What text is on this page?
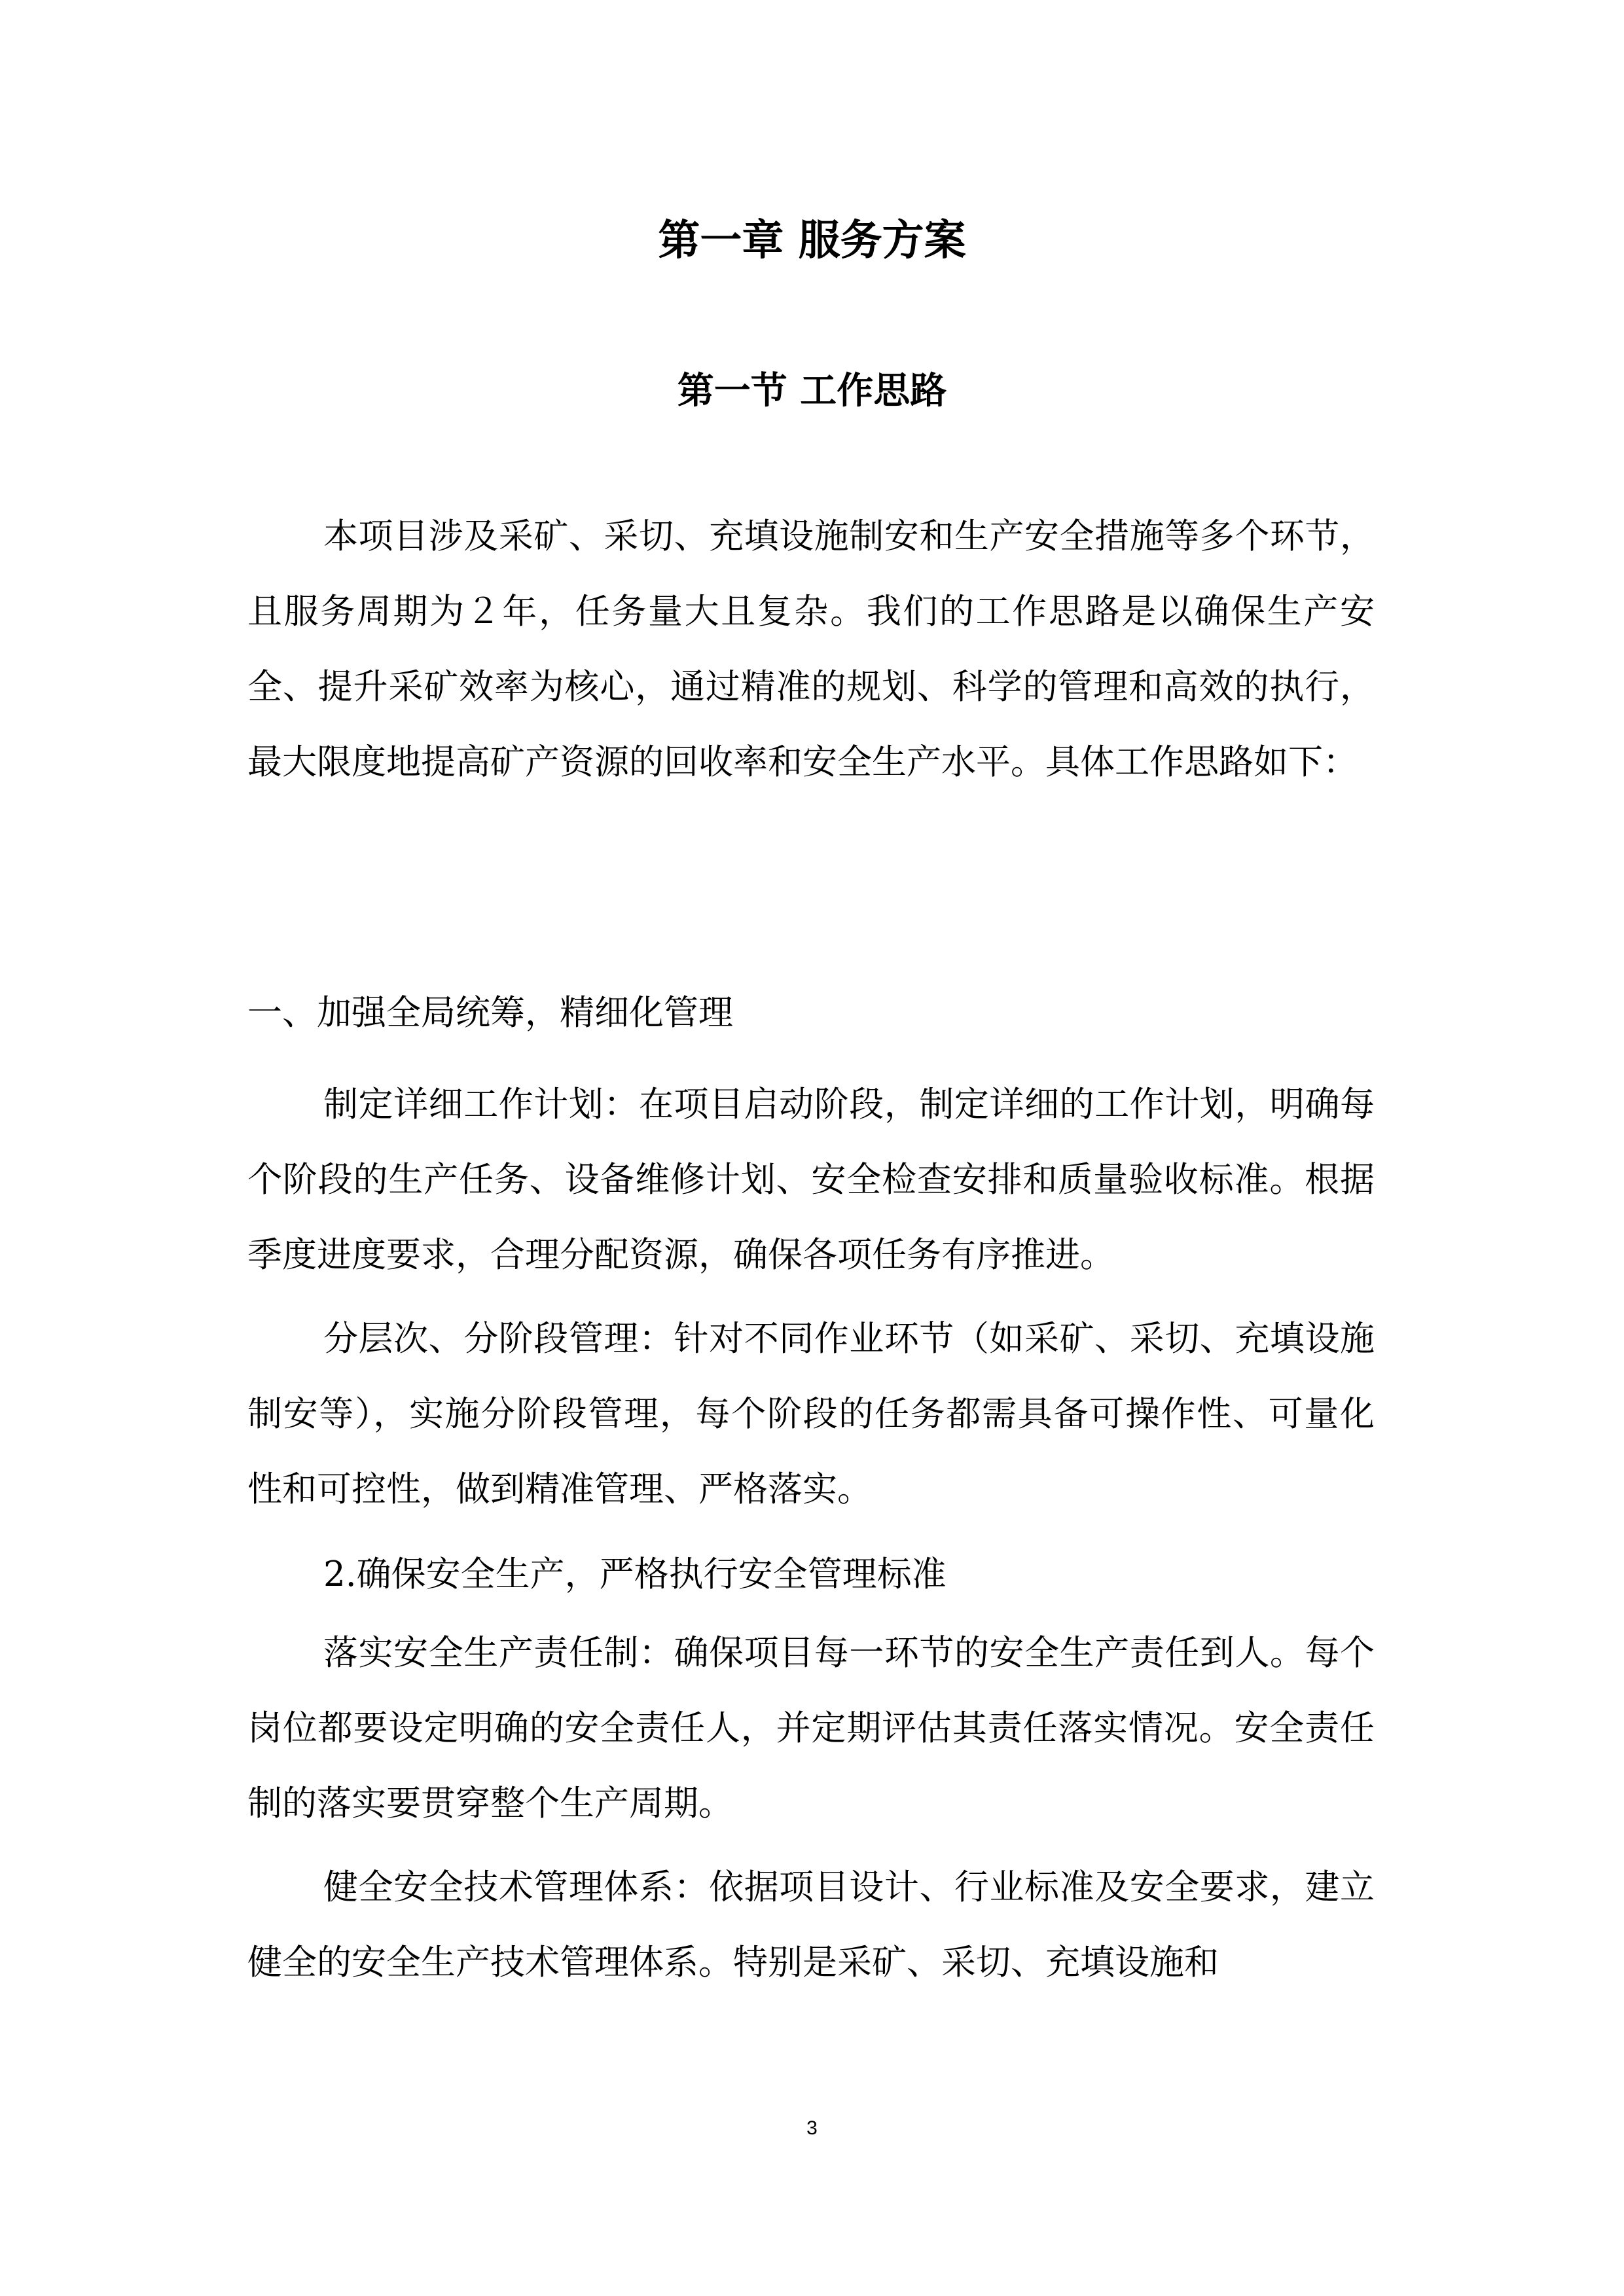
第一章 服务方案
第一节 工作思路

本项目涉及采矿、采切、充填设施制安和生产安全措施等多个环节，且服务周期为２年，任务量大且复杂。我们的工作思路是以确保生产安全、提升采矿效率为核心，通过精准的规划、科学的管理和高效的执行，最大限度地提高矿产资源的回收率和安全生产水平。具体工作思路如下：

一、加强全局统筹，精细化管理

制定详细工作计划：在项目启动阶段，制定详细的工作计划，明确每个阶段的生产任务、设备维修计划、安全检查安排和质量验收标准。根据季度进度要求，合理分配资源，确保各项任务有序推进。

分层次、分阶段管理：针对不同作业环节（如采矿、采切、充填设施制安等），实施分阶段管理，每个阶段的任务都需具备可操作性、可量化性和可控性，做到精准管理、严格落实。

2.确保安全生产，严格执行安全管理标准

落实安全生产责任制：确保项目每一环节的安全生产责任到人。每个岗位都要设定明确的安全责任人，并定期评估其责任落实情况。安全责任制的落实要贯穿整个生产周期。

健全安全技术管理体系：依据项目设计、行业标准及安全要求，建立健全的安全生产技术管理体系。特别是采矿、采切、充填设施和

3
